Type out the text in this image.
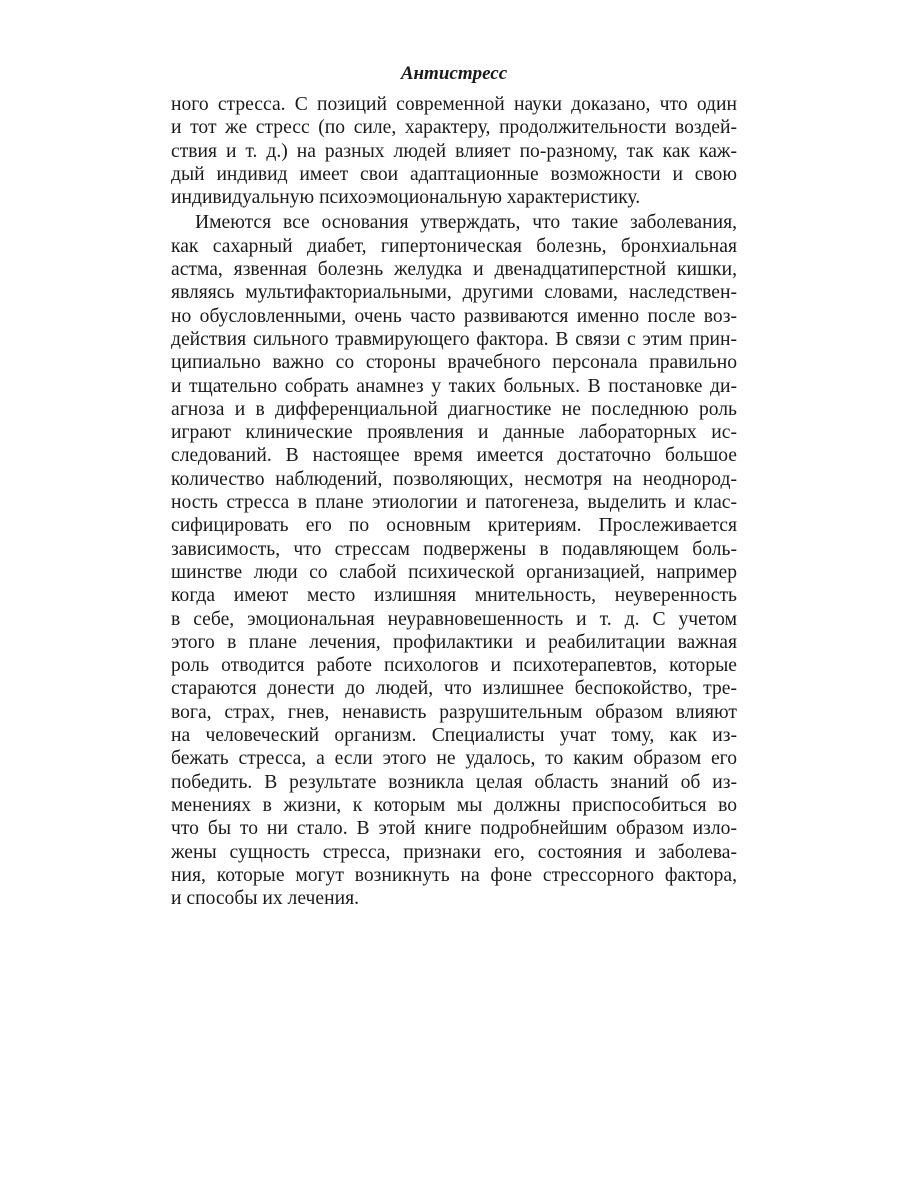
Антистресс
ного стресса. С позиций современной науки доказано, что один
и тот же стресс (по силе, характеру, продолжительности воздей-
ствия и т. д.) на разных людей влияет по-разному, так как каж-
дый индивид имеет свои адаптационные возможности и свою
индивидуальную психоэмоциональную характеристику.
Имеются все основания утверждать, что такие заболевания,
как сахарный диабет, гипертоническая болезнь, бронхиальная
астма, язвенная болезнь желудка и двенадцатиперстной кишки,
являясь мультифакториальными, другими словами, наследствен-
но обусловленными, очень часто развиваются именно после воз-
действия сильного травмирующего фактора. В связи с этим прин-
ципиально важно со стороны врачебного персонала правильно
и тщательно собрать анамнез у таких больных. В постановке ди-
агноза и в дифференциальной диагностике не последнюю роль
играют клинические проявления и данные лабораторных ис-
следований. В настоящее время имеется достаточно большое
количество наблюдений, позволяющих, несмотря на неоднород-
ность стресса в плане этиологии и патогенеза, выделить и клас-
сифицировать его по основным критериям. Прослеживается
зависимость, что стрессам подвержены в подавляющем боль-
шинстве люди со слабой психической организацией, например
когда имеют место излишняя мнительность, неуверенность
в себе, эмоциональная неуравновешенность и т. д. С учетом
этого в плане лечения, профилактики и реабилитации важная
роль отводится работе психологов и психотерапевтов, которые
стараются донести до людей, что излишнее беспокойство, тре-
вога, страх, гнев, ненависть разрушительным образом влияют
на человеческий организм. Специалисты учат тому, как из-
бежать стресса, а если этого не удалось, то каким образом его
победить. В результате возникла целая область знаний об из-
менениях в жизни, к которым мы должны приспособиться во
что бы то ни стало. В этой книге подробнейшим образом изло-
жены сущность стресса, признаки его, состояния и заболева-
ния, которые могут возникнуть на фоне стрессорного фактора,
и способы их лечения.
